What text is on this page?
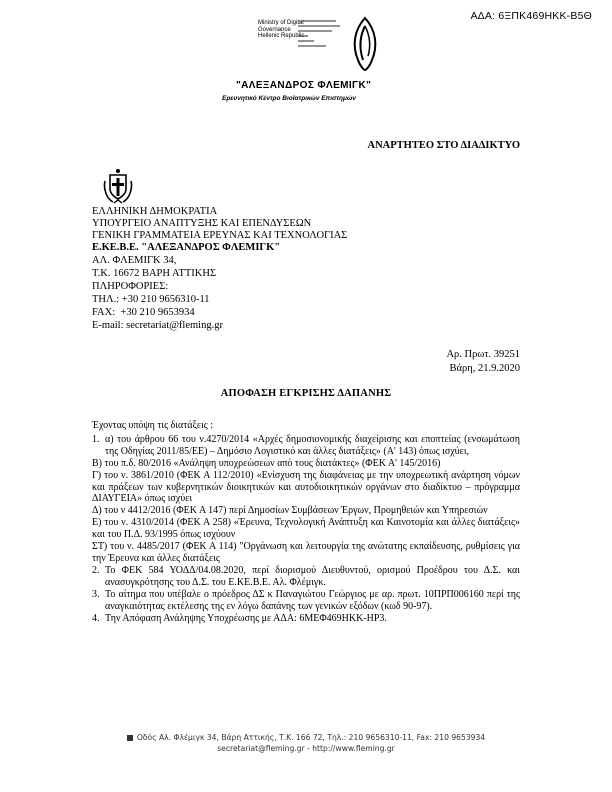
ΑΔΑ: 6ΞΠΚ469ΗΚΚ-Β5Θ
Ministry of Digital
Governance
Hellenic Republic
"ΑΛΕΞΑΝΔΡΟΣ ΦΛΕΜΙΓΚ"
Ερευνητικό Κέντρο Βιοϊατρικών Επιστημών
ΑΝΑΡΤΗΤΕΟ ΣΤΟ ΔΙΑΔΙΚΤΥΟ
ΕΛΛΗΝΙΚΗ ΔΗΜΟΚΡΑΤΙΑ
ΥΠΟΥΡΓΕΙΟ ΑΝΑΠΤΥΞΗΣ ΚΑΙ ΕΠΕΝΔΥΣΕΩΝ
ΓΕΝΙΚΗ ΓΡΑΜΜΑΤΕΙΑ ΕΡΕΥΝΑΣ ΚΑΙ ΤΕΧΝΟΛΟΓΙΑΣ
Ε.ΚΕ.Β.Ε. "ΑΛΕΞΑΝΔΡΟΣ ΦΛΕΜΙΓΚ"
ΑΛ. ΦΛΕΜΙΓΚ 34,
Τ.Κ. 16672 ΒΑΡΗ ΑΤΤΙΚΗΣ
ΠΛΗΡΟΦΟΡΙΕΣ:
ΤΗΛ.: +30 210 9656310-11
FAX:  +30 210 9653934
E-mail: secretariat@fleming.gr
Αρ. Πρωτ. 39251
Βάρη, 21.9.2020
ΑΠΟΦΑΣΗ ΕΓΚΡΙΣΗΣ ΔΑΠΑΝΗΣ

Έχοντας υπόψη τις διατάξεις :

1. α) του άρθρου 66 του ν.4270/2014 «Αρχές δημοσιονομικής διαχείρισης και εποπτείας (ενσωμάτωση της Οδηγίας 2011/85/ΕΕ) – Δημόσιο Λογιστικό και άλλες διατάξεις» (Α' 143) όπως ισχύει,

Β) του π.δ. 80/2016 «Ανάληψη υποχρεώσεων από τους διατάκτες» (ΦΕΚ Α' 145/2016)

Γ) του ν. 3861/2010 (ΦΕΚ Α 112/2010) «Ενίσχυση της διαφάνειας με την υποχρεωτική ανάρτηση νόμων και πράξεων των κυβερνητικών διοικητικών και αυτοδιοικητικών οργάνων στο διαδίκτυο – πρόγραμμα ΔΙΑΥΓΕΙΑ» όπως ισχύει

Δ) του ν 4412/2016 (ΦΕΚ Α 147) περί Δημοσίων Συμβάσεων Έργων, Προμηθειών και Υπηρεσιών

Ε) του ν. 4310/2014 (ΦΕΚ Α 258) «Έρευνα, Τεχνολογική Ανάπτυξη και Καινοτομία και άλλες διατάξεις» και του Π.Δ. 93/1995 όπως ισχύουν

ΣΤ) του ν. 4485/2017 (ΦΕΚ Α 114) "Οργάνωση και λειτουργία της ανώτατης εκπαίδευσης, ρυθμίσεις για την Έρευνα και άλλες διατάξεις

2. Το ΦΕΚ 584 ΥΟΔΔ/04.08.2020, περί διορισμού Διευθυντού, ορισμού Προέδρου του Δ.Σ. και ανασυγκρότησης του Δ.Σ. του Ε.ΚΕ.Β.Ε. Αλ. Φλέμιγκ.
3. Το αίτημα που υπέβαλε ο πρόεδρος ΔΣ κ Παναγιώτου Γεώργιος με αρ. πρωτ. 10ΠΡΠ006160 περί της αναγκαιότητας εκτέλεσης της εν λόγω δαπάνης των γενικών εξόδων (κωδ 90-97).
4. Την Απόφαση Ανάληψης Υποχρέωσης με ΑΔΑ: 6ΜΕΦ469ΗΚΚ-ΗΡ3.
Οδός Αλ. Φλέμιγκ 34, Βάρη Αττικής, Τ.Κ. 166 72, Τηλ.: 210 9656310-11, Fax: 210 9653934
secretariat@fleming.gr - http://www.fleming.gr
